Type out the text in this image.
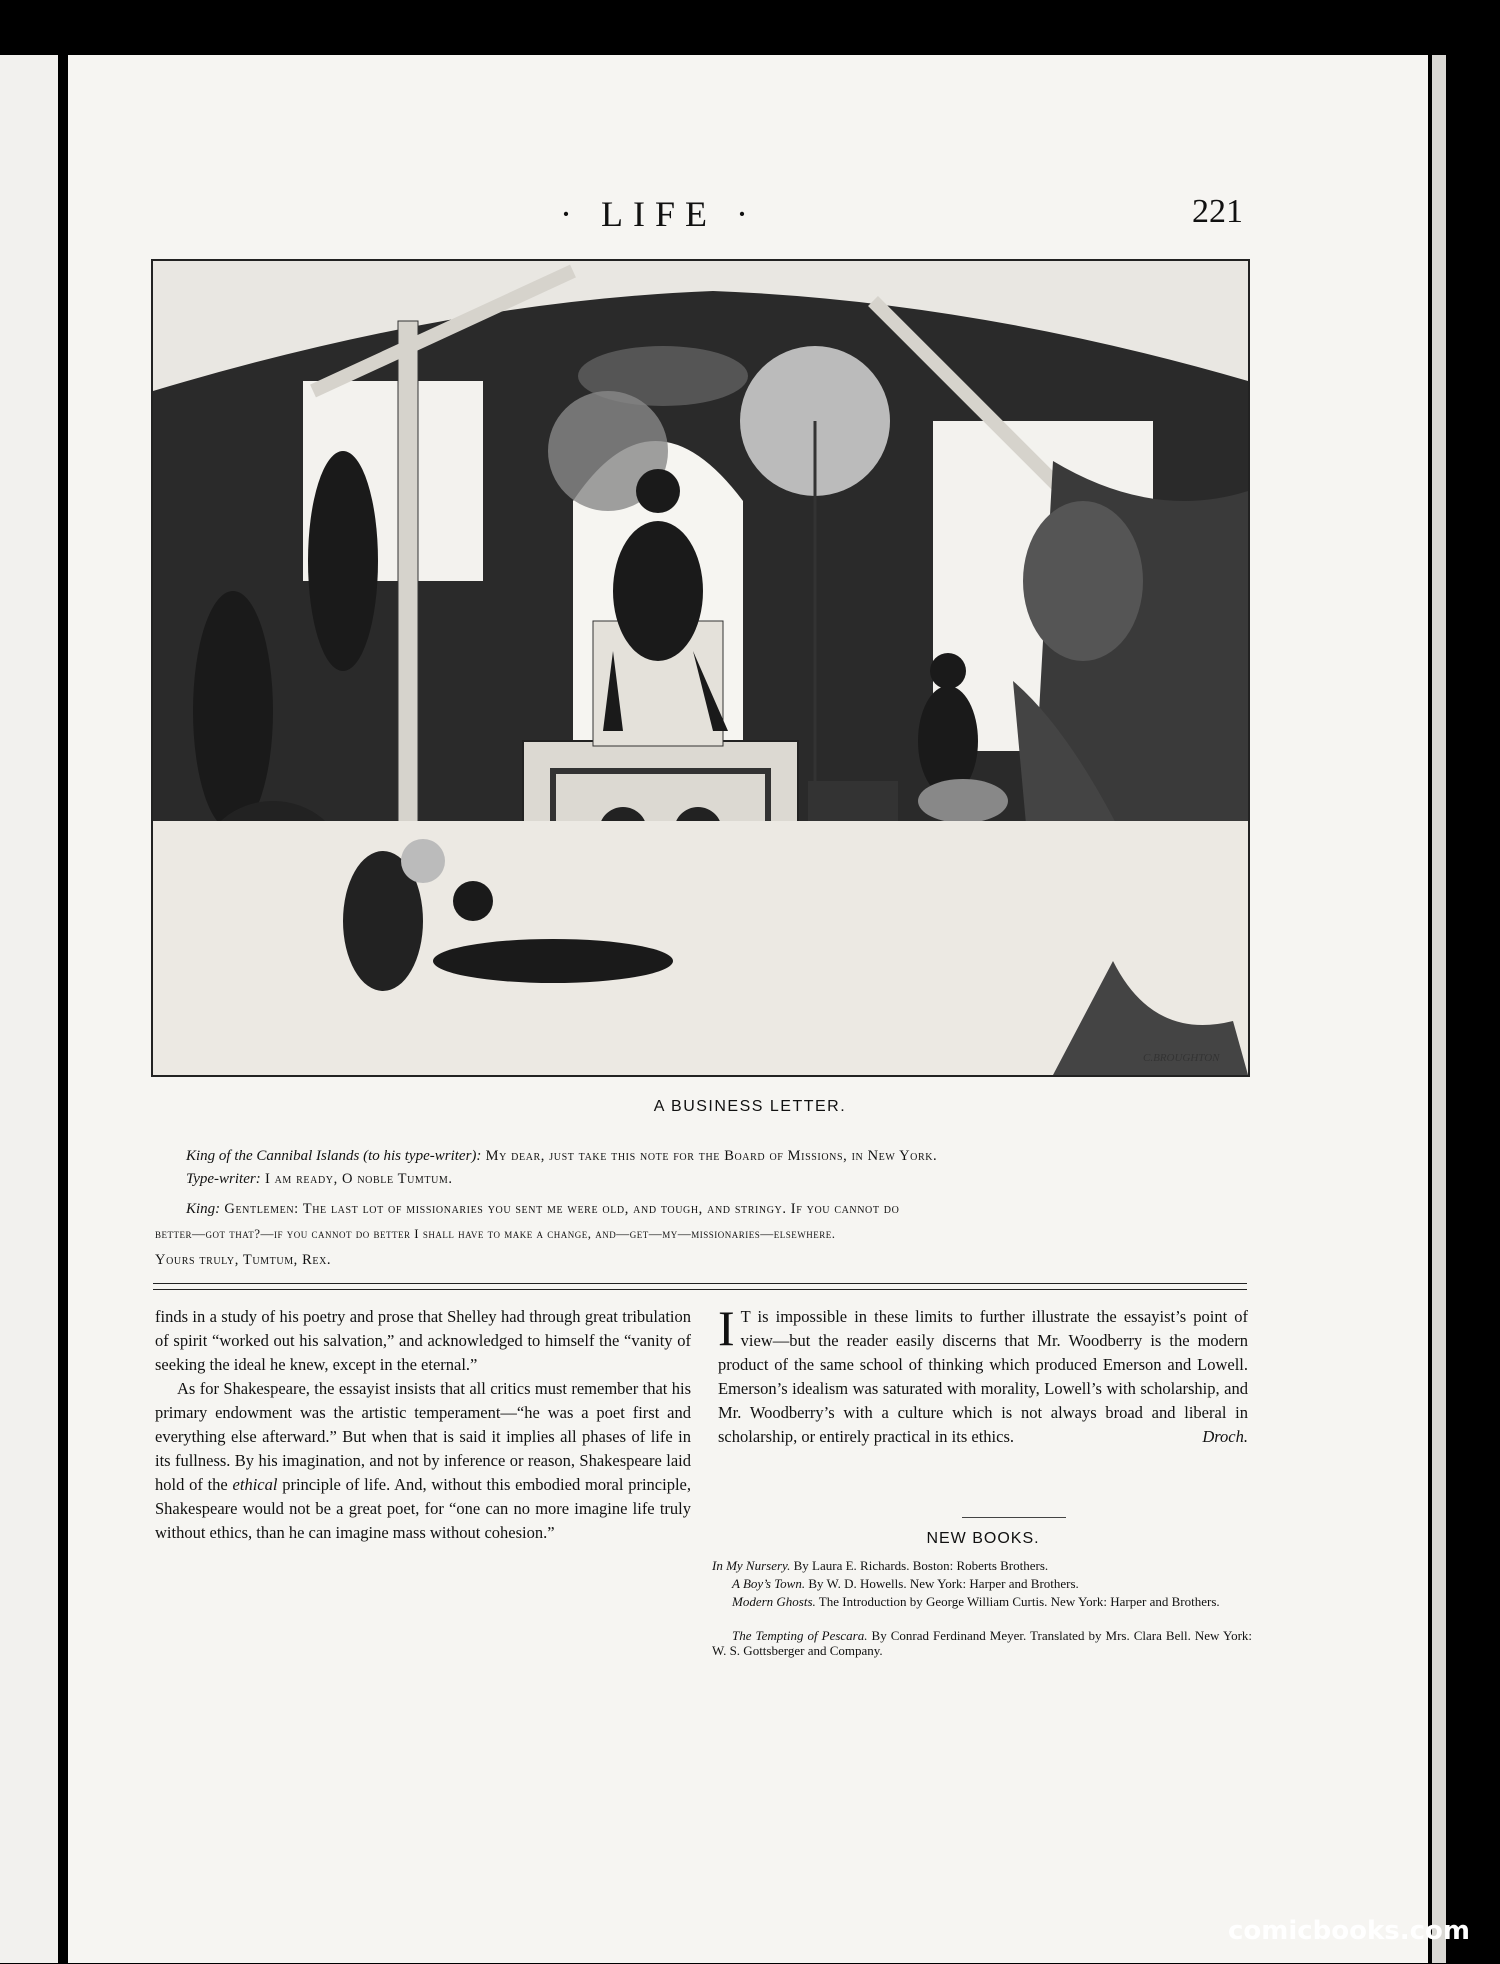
· LIFE ·	221
C.BROUGHTON
A BUSINESS LETTER.
King of the Cannibal Islands (to his type-writer): My dear, just take this note for the Board of Missions, in New York.
Type-writer: I am ready, O noble Tumtum.
King: Gentlemen: The last lot of missionaries you sent me were old, and tough, and stringy. If you cannot do
better—got that?—if you cannot do better I shall have to make a change, and—get—my—missionaries—elsewhere.
Yours truly, Tumtum, Rex.

finds in a study of his poetry and prose that Shelley had through great tribulation of spirit “worked out his salvation,” and acknowledged to himself the “vanity of seeking the ideal he knew, except in the eternal.”

As for Shakespeare, the essayist insists that all critics must remember that his primary endowment was the artistic temperament—“he was a poet first and everything else afterward.” But when that is said it implies all phases of life in its fullness. By his imagination, and not by inference or reason, Shakespeare laid hold of the ethical principle of life. And, without this embodied moral principle, Shakespeare would not be a great poet, for “one can no more imagine life truly without ethics, than he can imagine mass without cohesion.”

I T is impossible in these limits to further illustrate the essayist’s point of view—but the reader easily discerns that Mr. Woodberry is the modern product of the same school of thinking which produced Emerson and Lowell. Emerson’s idealism was saturated with morality, Lowell’s with scholarship, and Mr. Woodberry’s with a culture which is not always broad and liberal in scholarship, or entirely practical in its ethics.	Droch.

NEW BOOKS.
In My Nursery. By Laura E. Richards. Boston: Roberts Brothers.
A Boy’s Town. By W. D. Howells. New York: Harper and Brothers.
Modern Ghosts. The Introduction by George William Curtis. New York: Harper and Brothers.
The Tempting of Pescara. By Conrad Ferdinand Meyer. Translated by Mrs. Clara Bell. New York: W. S. Gottsberger and Company.
comicbooks.com
